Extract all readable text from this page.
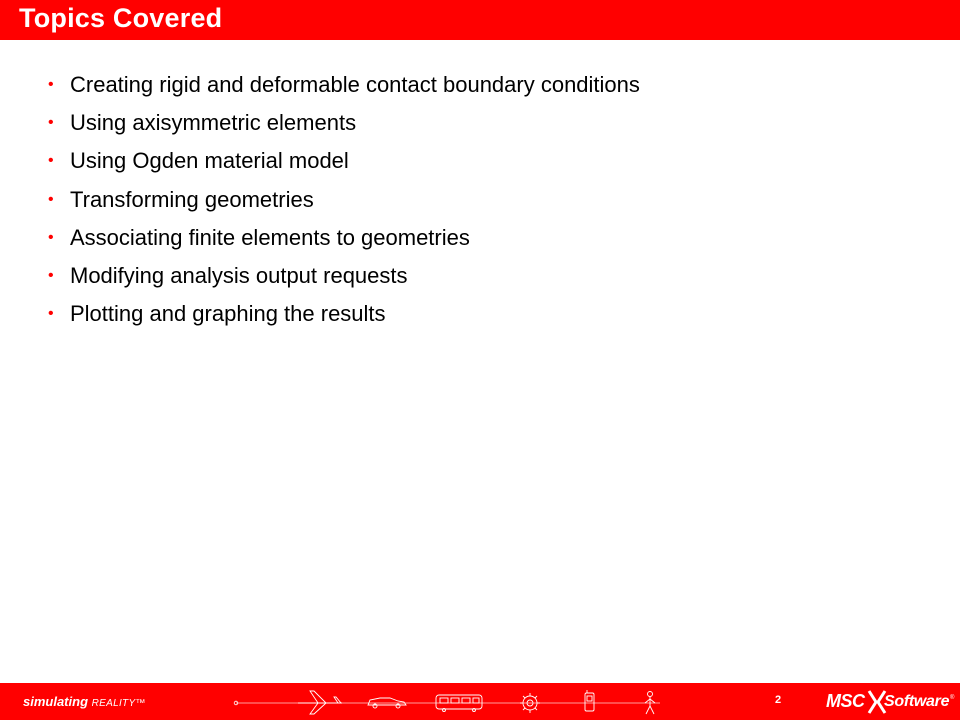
Topics Covered
• Creating rigid and deformable contact boundary conditions
• Using axisymmetric elements
• Using Ogden material model
• Transforming geometries
• Associating finite elements to geometries
• Modifying analysis output requests
• Plotting and graphing the results
simulating REALITY™	2	MSC Software ®
